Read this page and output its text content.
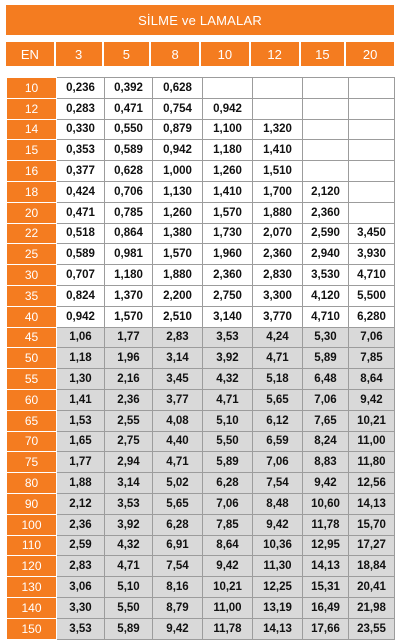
SİLME ve LAMALAR
EN	3	5	8	10	12	15	20
10	0,236	0,392	0,628				
12	0,283	0,471	0,754	0,942			
14	0,330	0,550	0,879	1,100	1,320		
15	0,353	0,589	0,942	1,180	1,410		
16	0,377	0,628	1,000	1,260	1,510		
18	0,424	0,706	1,130	1,410	1,700	2,120	
20	0,471	0,785	1,260	1,570	1,880	2,360	
22	0,518	0,864	1,380	1,730	2,070	2,590	3,450
25	0,589	0,981	1,570	1,960	2,360	2,940	3,930
30	0,707	1,180	1,880	2,360	2,830	3,530	4,710
35	0,824	1,370	2,200	2,750	3,300	4,120	5,500
40	0,942	1,570	2,510	3,140	3,770	4,710	6,280
45	1,06	1,77	2,83	3,53	4,24	5,30	7,06
50	1,18	1,96	3,14	3,92	4,71	5,89	7,85
55	1,30	2,16	3,45	4,32	5,18	6,48	8,64
60	1,41	2,36	3,77	4,71	5,65	7,06	9,42
65	1,53	2,55	4,08	5,10	6,12	7,65	10,21
70	1,65	2,75	4,40	5,50	6,59	8,24	11,00
75	1,77	2,94	4,71	5,89	7,06	8,83	11,80
80	1,88	3,14	5,02	6,28	7,54	9,42	12,56
90	2,12	3,53	5,65	7,06	8,48	10,60	14,13
100	2,36	3,92	6,28	7,85	9,42	11,78	15,70
110	2,59	4,32	6,91	8,64	10,36	12,95	17,27
120	2,83	4,71	7,54	9,42	11,30	14,13	18,84
130	3,06	5,10	8,16	10,21	12,25	15,31	20,41
140	3,30	5,50	8,79	11,00	13,19	16,49	21,98
150	3,53	5,89	9,42	11,78	14,13	17,66	23,55
